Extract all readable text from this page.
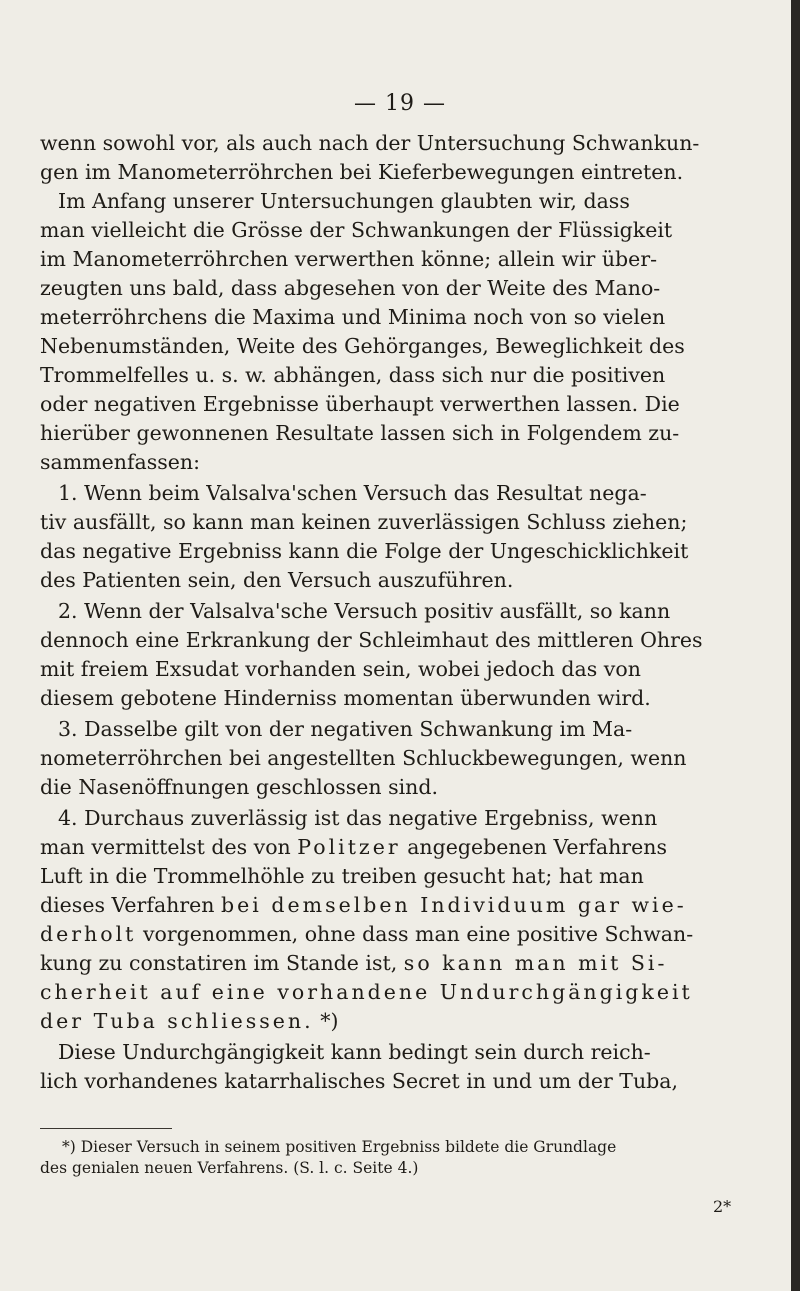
— 19 —
wenn sowohl vor, als auch nach der Untersuchung Schwankun-
gen im Manometerröhrchen bei Kieferbewegungen eintreten.
Im Anfang unserer Untersuchungen glaubten wir, dass
man vielleicht die Grösse der Schwankungen der Flüssigkeit
im Manometerröhrchen verwerthen könne; allein wir über-
zeugten uns bald, dass abgesehen von der Weite des Mano-
meterröhrchens die Maxima und Minima noch von so vielen
Nebenumständen, Weite des Gehörganges, Beweglichkeit des
Trommelfelles u. s. w. abhängen, dass sich nur die positiven
oder negativen Ergebnisse überhaupt verwerthen lassen. Die
hierüber gewonnenen Resultate lassen sich in Folgendem zu-
sammenfassen:
1. Wenn beim Valsalva'schen Versuch das Resultat nega-
tiv ausfällt, so kann man keinen zuverlässigen Schluss ziehen;
das negative Ergebniss kann die Folge der Ungeschicklichkeit
des Patienten sein, den Versuch auszuführen.
2. Wenn der Valsalva'sche Versuch positiv ausfällt, so kann
dennoch eine Erkrankung der Schleimhaut des mittleren Ohres
mit freiem Exsudat vorhanden sein, wobei jedoch das von
diesem gebotene Hinderniss momentan überwunden wird.
3. Dasselbe gilt von der negativen Schwankung im Ma-
nometerröhrchen bei angestellten Schluckbewegungen, wenn
die Nasenöffnungen geschlossen sind.
4. Durchaus zuverlässig ist das negative Ergebniss, wenn
man vermittelst des von Politzer angegebenen Verfahrens
Luft in die Trommelhöhle zu treiben gesucht hat; hat man
dieses Verfahren bei demselben Individuum gar wie-
derholt vorgenommen, ohne dass man eine positive Schwan-
kung zu constatiren im Stande ist, so kann man mit Si-
cherheit auf eine vorhandene Undurchgängigkeit
der Tuba schliessen. *)
Diese Undurchgängigkeit kann bedingt sein durch reich-
lich vorhandenes katarrhalisches Secret in und um der Tuba,
*) Dieser Versuch in seinem positiven Ergebniss bildete die Grundlage
des genialen neuen Verfahrens. (S. l. c. Seite 4.)
2*
